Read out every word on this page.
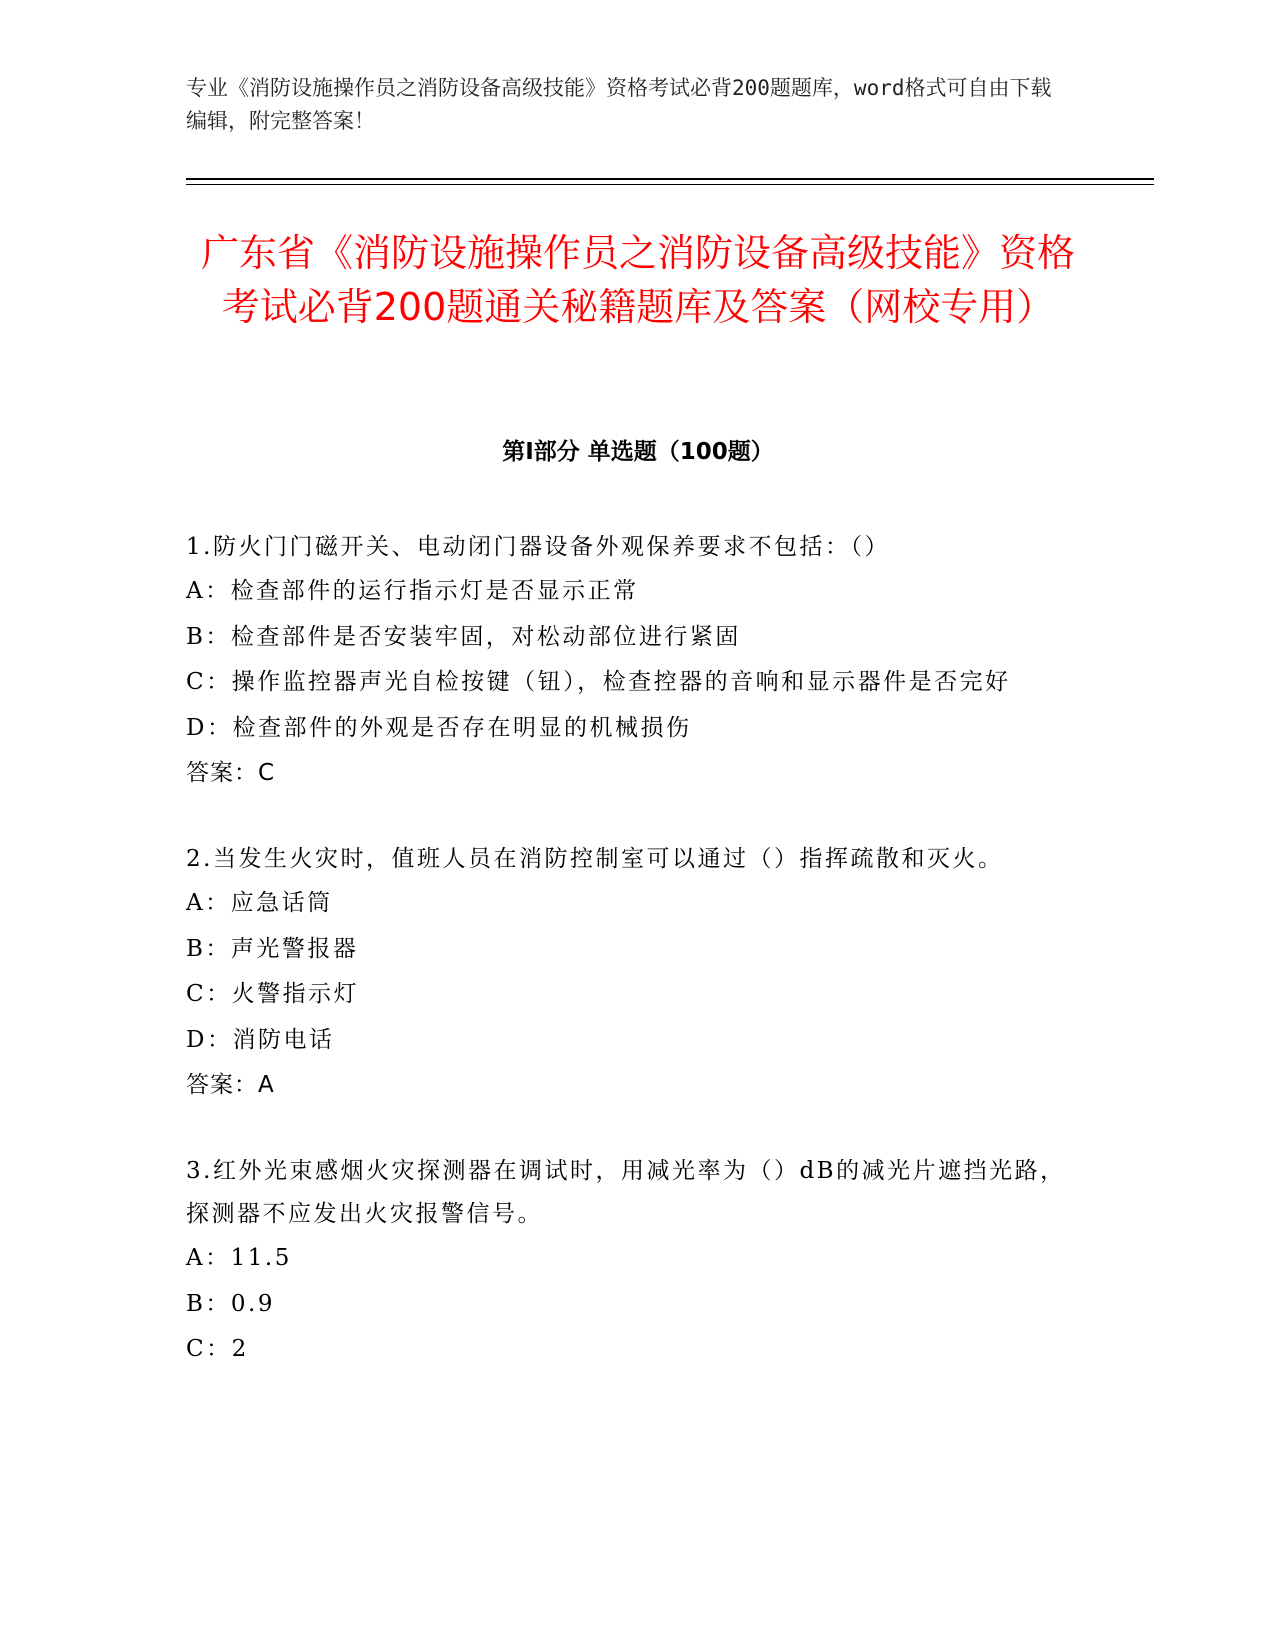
专业《消防设施操作员之消防设备高级技能》资格考试必背200题题库，word格式可自由下载编辑，附完整答案！
广东省《消防设施操作员之消防设备高级技能》资格考试必背200题通关秘籍题库及答案（网校专用）
第Ⅰ部分 单选题（100题）

1.防火门门磁开关、电动闭门器设备外观保养要求不包括：（）

A：检查部件的运行指示灯是否显示正常

B：检查部件是否安装牢固，对松动部位进行紧固

C：操作监控器声光自检按键（钮），检查控器的音响和显示器件是否完好

D：检查部件的外观是否存在明显的机械损伤

答案：C

2.当发生火灾时，值班人员在消防控制室可以通过（）指挥疏散和灭火。

A：应急话筒

B：声光警报器

C：火警指示灯

D：消防电话

答案：A

3.红外光束感烟火灾探测器在调试时，用减光率为（）dB的减光片遮挡光路，探测器不应发出火灾报警信号。

A：11.5

B：0.9

C：2
